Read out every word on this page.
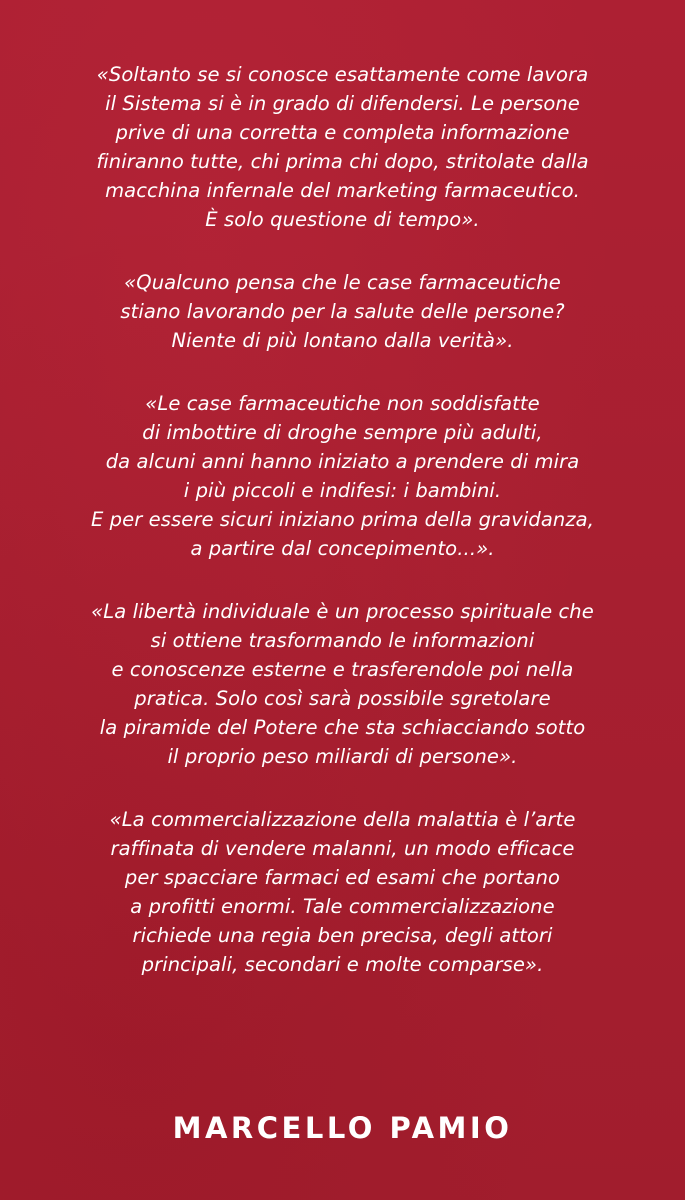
«Soltanto se si conosce esattamente come lavora
il Sistema si è in grado di difendersi. Le persone
prive di una corretta e completa informazione
finiranno tutte, chi prima chi dopo, stritolate dalla
macchina infernale del marketing farmaceutico.
È solo questione di tempo».

«Qualcuno pensa che le case farmaceutiche
stiano lavorando per la salute delle persone?
Niente di più lontano dalla verità».

«Le case farmaceutiche non soddisfatte
di imbottire di droghe sempre più adulti,
da alcuni anni hanno iniziato a prendere di mira
i più piccoli e indifesi: i bambini.
E per essere sicuri iniziano prima della gravidanza,
a partire dal concepimento...».

«La libertà individuale è un processo spirituale che
si ottiene trasformando le informazioni
e conoscenze esterne e trasferendole poi nella
pratica. Solo così sarà possibile sgretolare
la piramide del Potere che sta schiacciando sotto
il proprio peso miliardi di persone».

«La commercializzazione della malattia è l’arte
raffinata di vendere malanni, un modo efficace
per spacciare farmaci ed esami che portano
a profitti enormi. Tale commercializzazione
richiede una regia ben precisa, degli attori
principali, secondari e molte comparse».

MARCELLO PAMIO
